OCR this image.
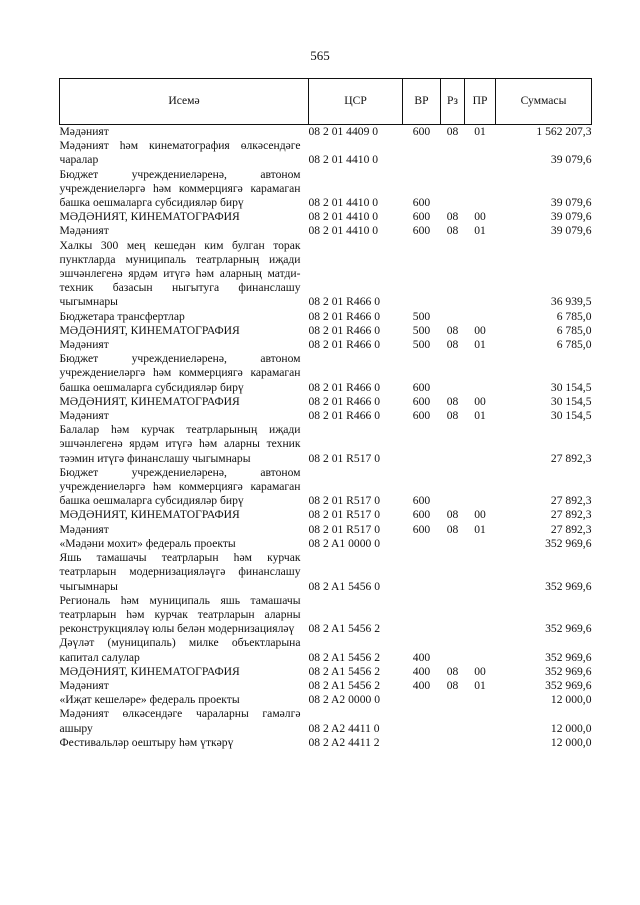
565
Исемә	ЦСР	ВР	Рз	ПР	Суммасы
Мәдәният	08 2 01 4409 0	600	08	01	1 562 207,3
Мәдәният һәм кинематография өлкәсендәге чаралар	08 2 01 4410 0				39 079,6
Бюджет учреждениеләренә, автоном учреждениеләргә һәм коммерциягә карамаган башка оешмаларга субсидияләр бирү	08 2 01 4410 0	600			39 079,6
МӘДӘНИЯТ, КИНЕМАТОГРАФИЯ	08 2 01 4410 0	600	08	00	39 079,6
Мәдәният	08 2 01 4410 0	600	08	01	39 079,6
Халкы 300 мең кешедән ким булган торак пунктларда муниципаль театрларның иҗади эшчәнлегенә ярдәм итүгә һәм аларның матди-техник базасын ныгытуга финанслашу чыгымнары	08 2 01 R466 0				36 939,5
Бюджетара трансфертлар	08 2 01 R466 0	500			6 785,0
МӘДӘНИЯТ, КИНЕМАТОГРАФИЯ	08 2 01 R466 0	500	08	00	6 785,0
Мәдәният	08 2 01 R466 0	500	08	01	6 785,0
Бюджет учреждениеләренә, автоном учреждениеләргә һәм коммерциягә карамаган башка оешмаларга субсидияләр бирү	08 2 01 R466 0	600			30 154,5
МӘДӘНИЯТ, КИНЕМАТОГРАФИЯ	08 2 01 R466 0	600	08	00	30 154,5
Мәдәният	08 2 01 R466 0	600	08	01	30 154,5
Балалар һәм курчак театрларының иҗади эшчәнлегенә ярдәм итүгә һәм аларны техник тәэмин итүгә финанслашу чыгымнары	08 2 01 R517 0				27 892,3
Бюджет учреждениеләренә, автоном учреждениеләргә һәм коммерциягә карамаган башка оешмаларга субсидияләр бирү	08 2 01 R517 0	600			27 892,3
МӘДӘНИЯТ, КИНЕМАТОГРАФИЯ	08 2 01 R517 0	600	08	00	27 892,3
Мәдәният	08 2 01 R517 0	600	08	01	27 892,3
«Мәдәни мохит» федераль проекты	08 2 A1 0000 0				352 969,6
Яшь тамашачы театрларын һәм курчак театрларын модернизацияләүгә финанслашу чыгымнары	08 2 A1 5456 0				352 969,6
Региональ һәм муниципаль яшь тамашачы театрларын һәм курчак театрларын аларны реконструкцияләү юлы белән модернизацияләү	08 2 A1 5456 2				352 969,6
Дәүләт (муниципаль) милке объектларына капитал салулар	08 2 A1 5456 2	400			352 969,6
МӘДӘНИЯТ, КИНЕМАТОГРАФИЯ	08 2 A1 5456 2	400	08	00	352 969,6
Мәдәният	08 2 A1 5456 2	400	08	01	352 969,6
«Иҗат кешеләре» федераль проекты	08 2 A2 0000 0				12 000,0
Мәдәният өлкәсендәге чараларны гамәлгә ашыру	08 2 A2 4411 0				12 000,0
Фестивальләр оештыру һәм үткәрү	08 2 A2 4411 2				12 000,0
